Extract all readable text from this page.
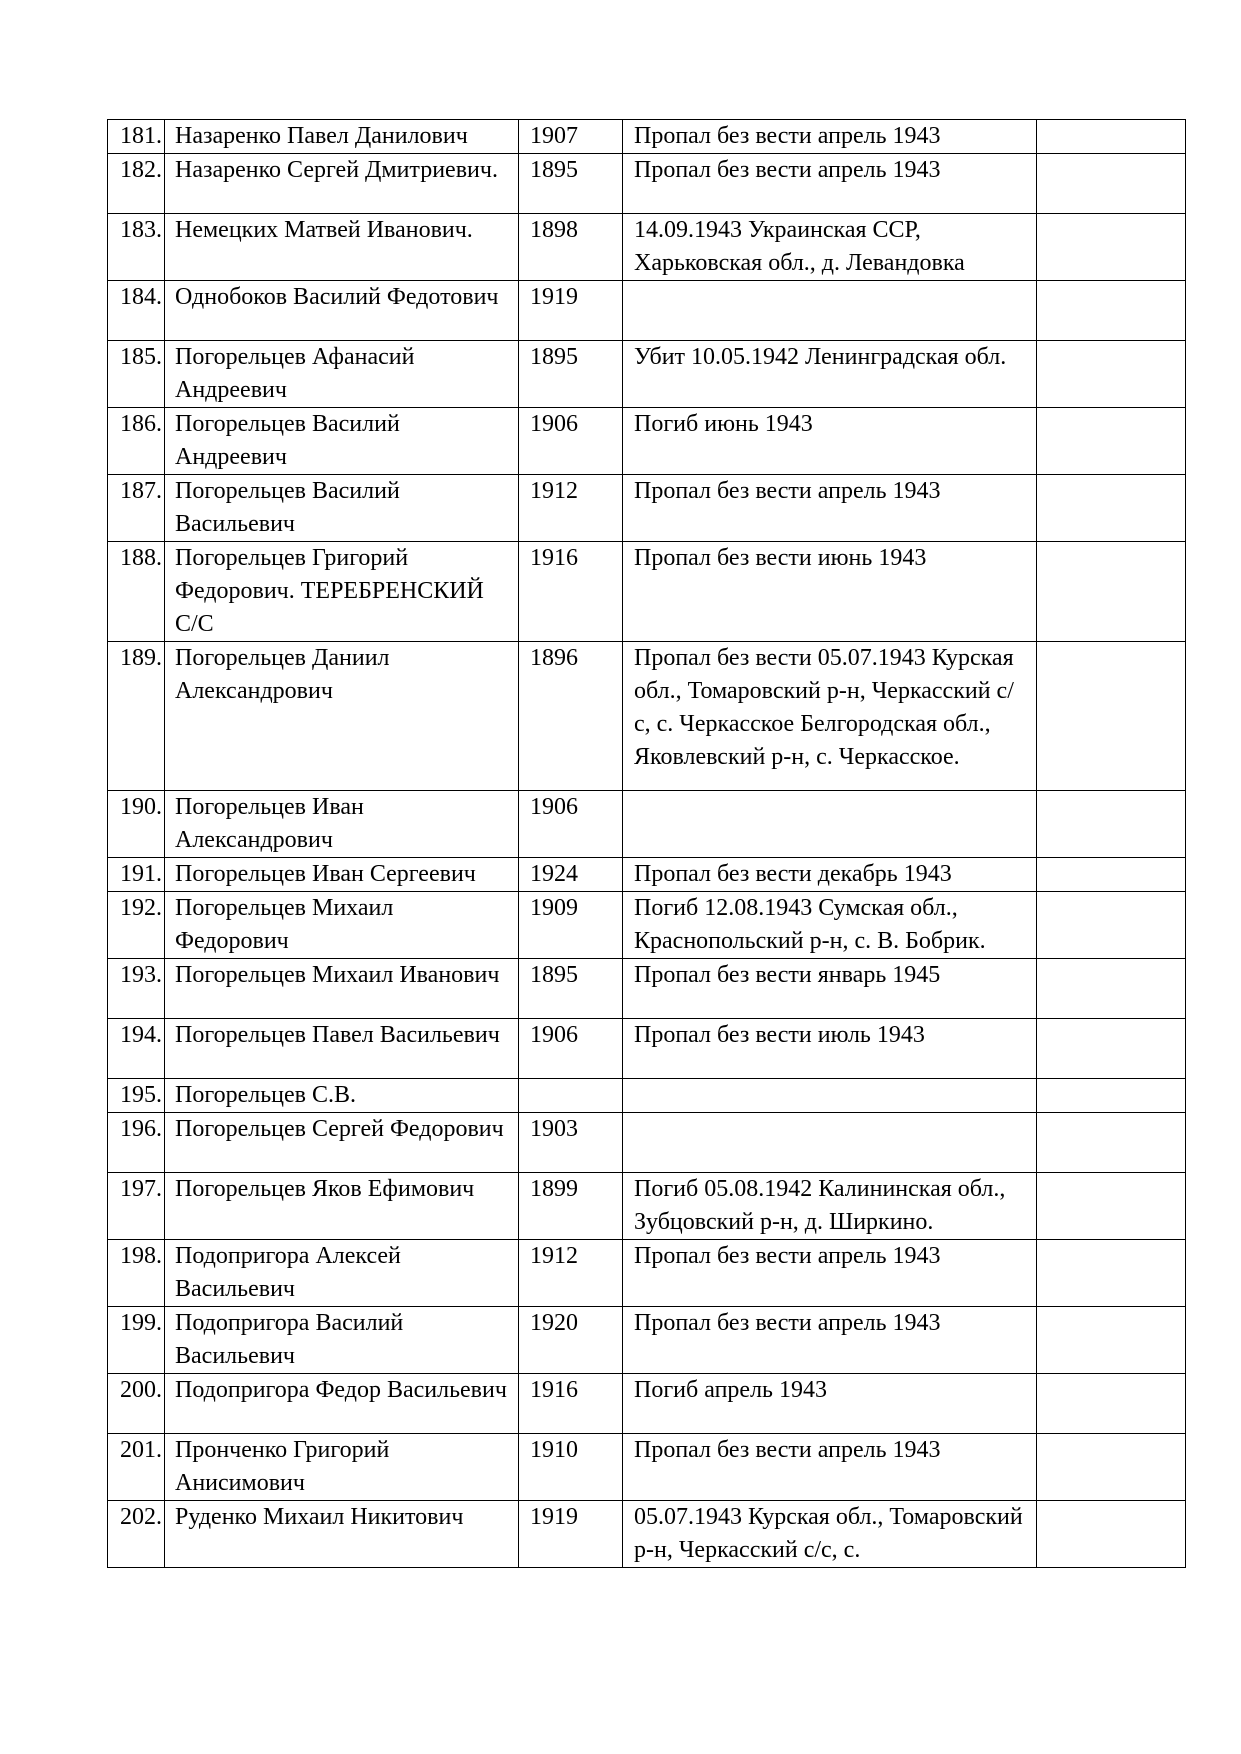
181.	Назаренко Павел Данилович	1907	Пропал без вести апрель 1943	
182.	Назаренко Сергей Дмитриевич.	1895	Пропал без вести апрель 1943	
183.	Немецких Матвей Иванович.	1898	14.09.1943 Украинская ССР, Харьковская обл., д. Левандовка	
184.	Однобоков Василий Федотович	1919		
185.	Погорельцев Афанасий Андреевич	1895	Убит 10.05.1942 Ленинградская обл.	
186.	Погорельцев Василий Андреевич	1906	Погиб июнь 1943	
187.	Погорельцев Василий Васильевич	1912	Пропал без вести апрель 1943	
188.	Погорельцев Григорий Федорович. ТЕРЕБРЕНСКИЙ С/С	1916	Пропал без вести июнь 1943	
189.	Погорельцев Даниил Александрович	1896	Пропал без вести 05.07.1943 Курская обл., Томаровский р-н, Черкасский с/с, с. Черкасское Белгородская обл., Яковлевский р-н, с. Черкасское.	
190.	Погорельцев Иван Александрович	1906		
191.	Погорельцев Иван Сергеевич	1924	Пропал без вести декабрь 1943	
192.	Погорельцев Михаил Федорович	1909	Погиб 12.08.1943 Сумская обл., Краснопольский р-н, с. В. Бобрик.	
193.	Погорельцев Михаил Иванович	1895	Пропал без вести январь 1945	
194.	Погорельцев Павел Васильевич	1906	Пропал без вести июль 1943	
195.	Погорельцев С.В.			
196.	Погорельцев Сергей Федорович	1903		
197.	Погорельцев Яков Ефимович	1899	Погиб 05.08.1942 Калининская обл., Зубцовский р-н, д. Ширкино.	
198.	Подопригора Алексей Васильевич	1912	Пропал без вести апрель 1943	
199.	Подопригора Василий Васильевич	1920	Пропал без вести апрель 1943	
200.	Подопригора Федор Васильевич	1916	Погиб апрель 1943	
201.	Пронченко Григорий Анисимович	1910	Пропал без вести апрель 1943	
202.	Руденко Михаил Никитович	1919	05.07.1943 Курская обл., Томаровский р-н, Черкасский с/с, с.	
